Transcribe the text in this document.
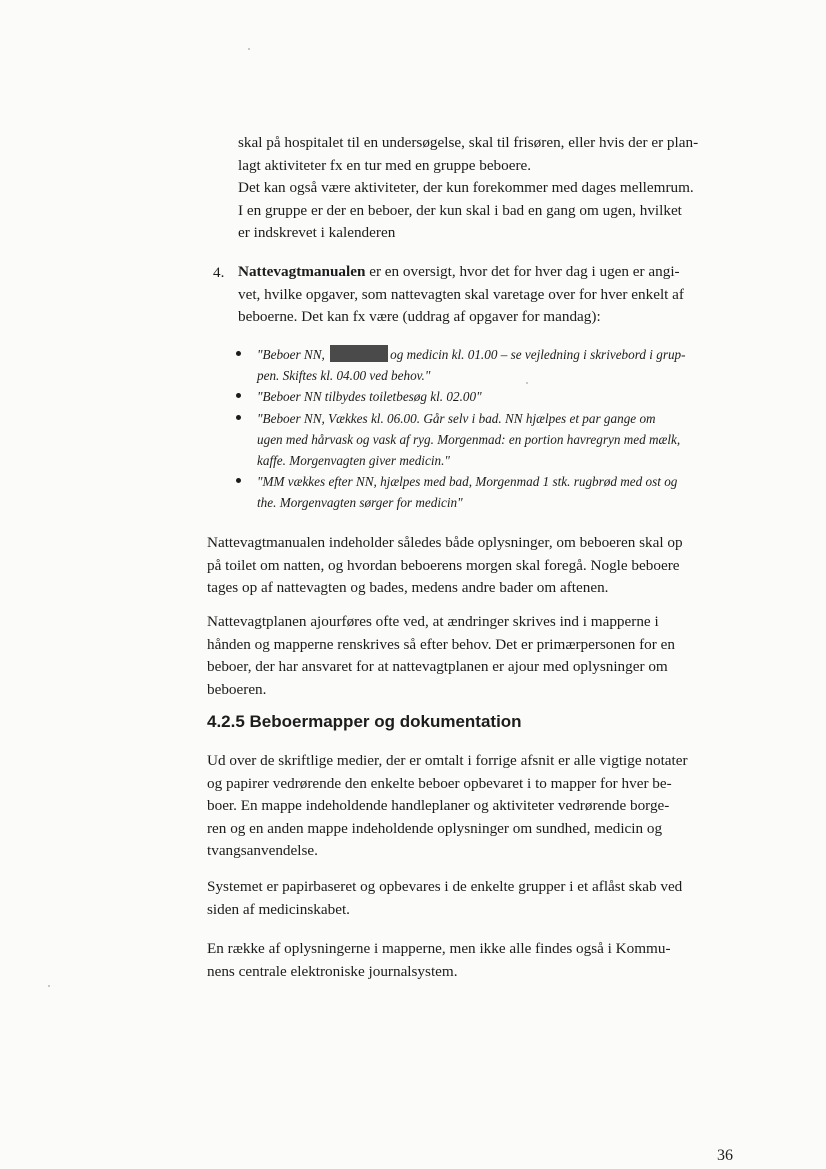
skal på hospitalet til en undersøgelse, skal til frisøren, eller hvis der er plan-
lagt aktiviteter fx en tur med en gruppe beboere.
Det kan også være aktiviteter, der kun forekommer med dages mellemrum.
I en gruppe er der en beboer, der kun skal i bad en gang om ugen, hvilket
er indskrevet i kalenderen

4. Nattevagtmanualen er en oversigt, hvor det for hver dag i ugen er angi-
vet, hvilke opgaver, som nattevagten skal varetage over for hver enkelt af
beboerne. Det kan fx være (uddrag af opgaver for mandag):

"Beboer NN,	og medicin kl. 01.00 – se vejledning i skrivebord i grup-
pen. Skiftes kl. 04.00 ved behov."
"Beboer NN tilbydes toiletbesøg kl. 02.00"
"Beboer NN, Vækkes kl. 06.00. Går selv i bad. NN hjælpes et par gange om
ugen med hårvask og vask af ryg. Morgenmad: en portion havregryn med mælk,
kaffe. Morgenvagten giver medicin."
"MM vækkes efter NN, hjælpes med bad, Morgenmad 1 stk. rugbrød med ost og
the. Morgenvagten sørger for medicin"

Nattevagtmanualen indeholder således både oplysninger, om beboeren skal op
på toilet om natten, og hvordan beboerens morgen skal foregå. Nogle beboere
tages op af nattevagten og bades, medens andre bader om aftenen.

Nattevagtplanen ajourføres ofte ved, at ændringer skrives ind i mapperne i
hånden og mapperne renskrives så efter behov. Det er primærpersonen for en
beboer, der har ansvaret for at nattevagtplanen er ajour med oplysninger om
beboeren.

4.2.5 Beboermapper og dokumentation

Ud over de skriftlige medier, der er omtalt i forrige afsnit er alle vigtige notater
og papirer vedrørende den enkelte beboer opbevaret i to mapper for hver be-
boer. En mappe indeholdende handleplaner og aktiviteter vedrørende borge-
ren og en anden mappe indeholdende oplysninger om sundhed, medicin og
tvangsanvendelse.

Systemet er papirbaseret og opbevares i de enkelte grupper i et aflåst skab ved
siden af medicinskabet.

En række af oplysningerne i mapperne, men ikke alle findes også i Kommu-
nens centrale elektroniske journalsystem.

36
